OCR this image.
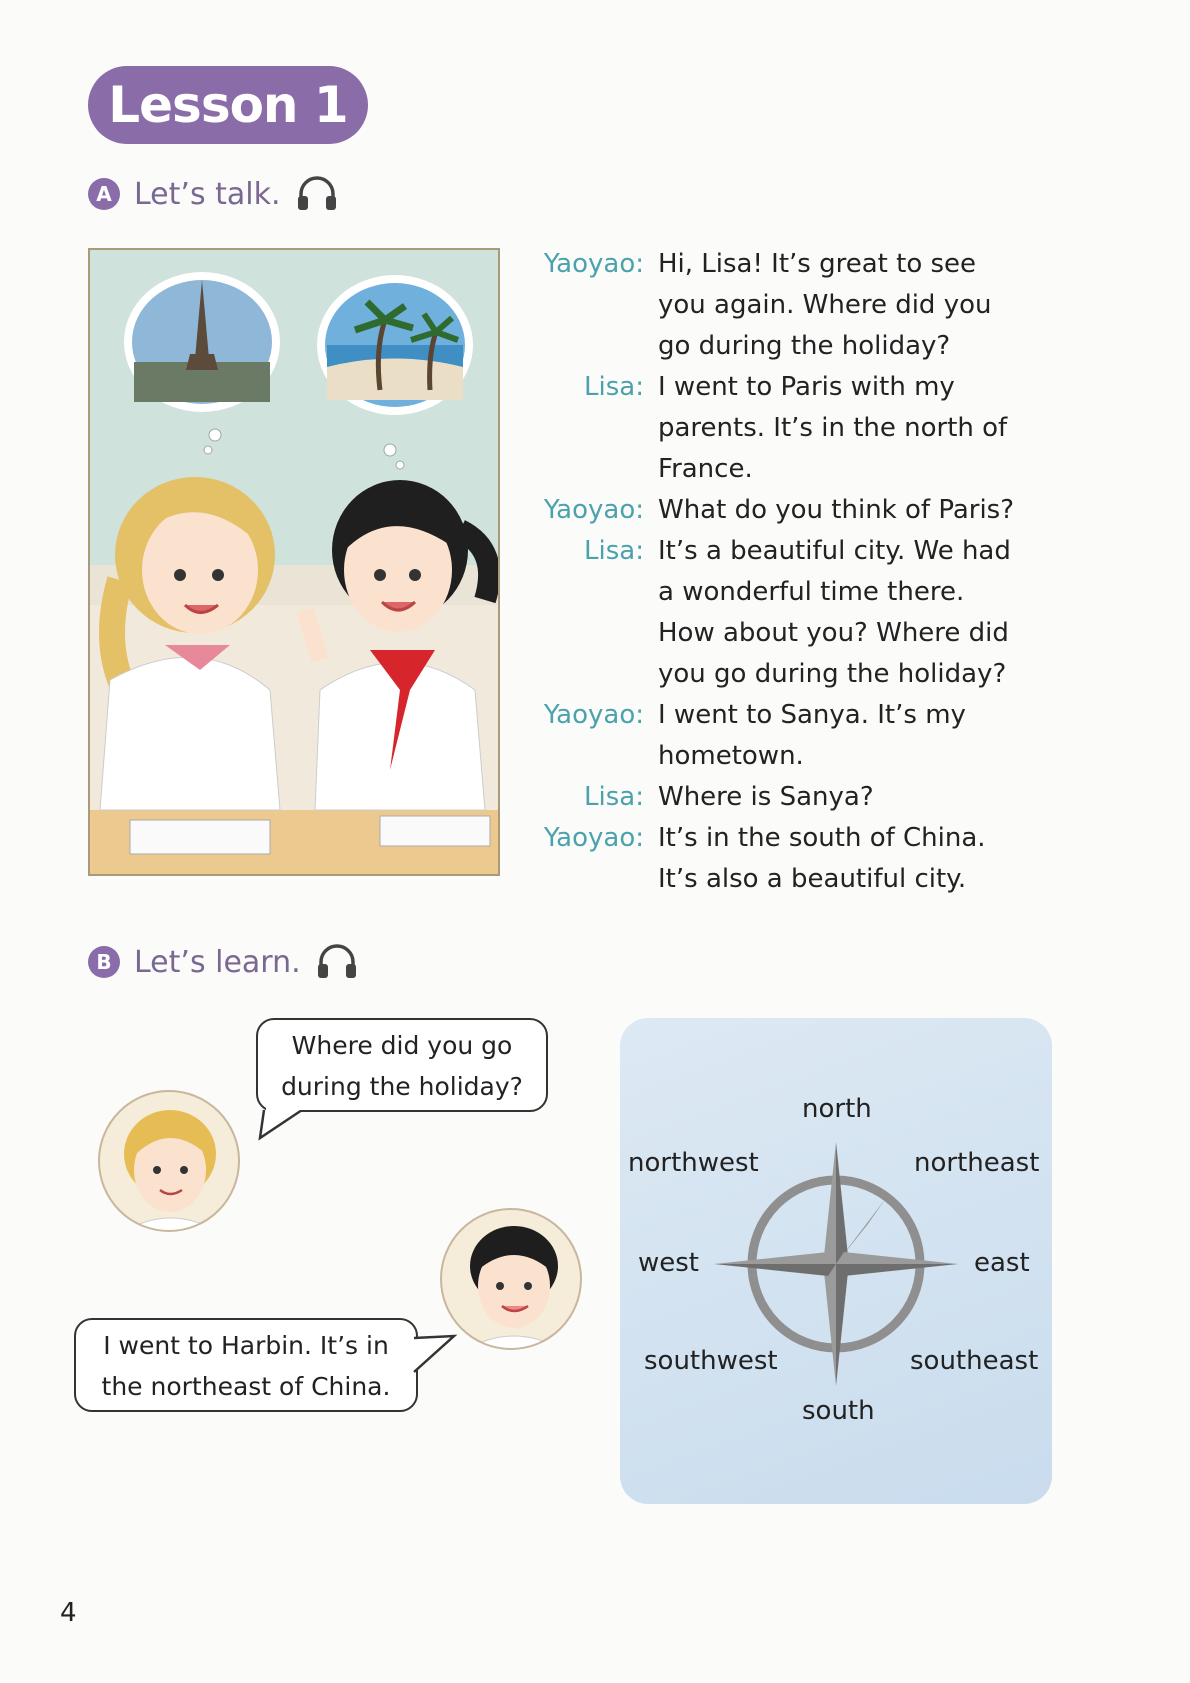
Lesson 1
A Let’s talk.
Yaoyao: Hi, Lisa! It’s great to see
you again. Where did you
go during the holiday?
Lisa: I went to Paris with my
parents. It’s in the north of
France.
Yaoyao: What do you think of Paris?
Lisa: It’s a beautiful city. We had
a wonderful time there.
How about you? Where did
you go during the holiday?
Yaoyao: I went to Sanya. It’s my
hometown.
Lisa: Where is Sanya?
Yaoyao: It’s in the south of China.
It’s also a beautiful city.
B Let’s learn.
Where did you go
during the holiday?
I went to Harbin. It’s in
the northeast of China.
north
northwest	northeast
west	east
southwest	southeast
south
4
